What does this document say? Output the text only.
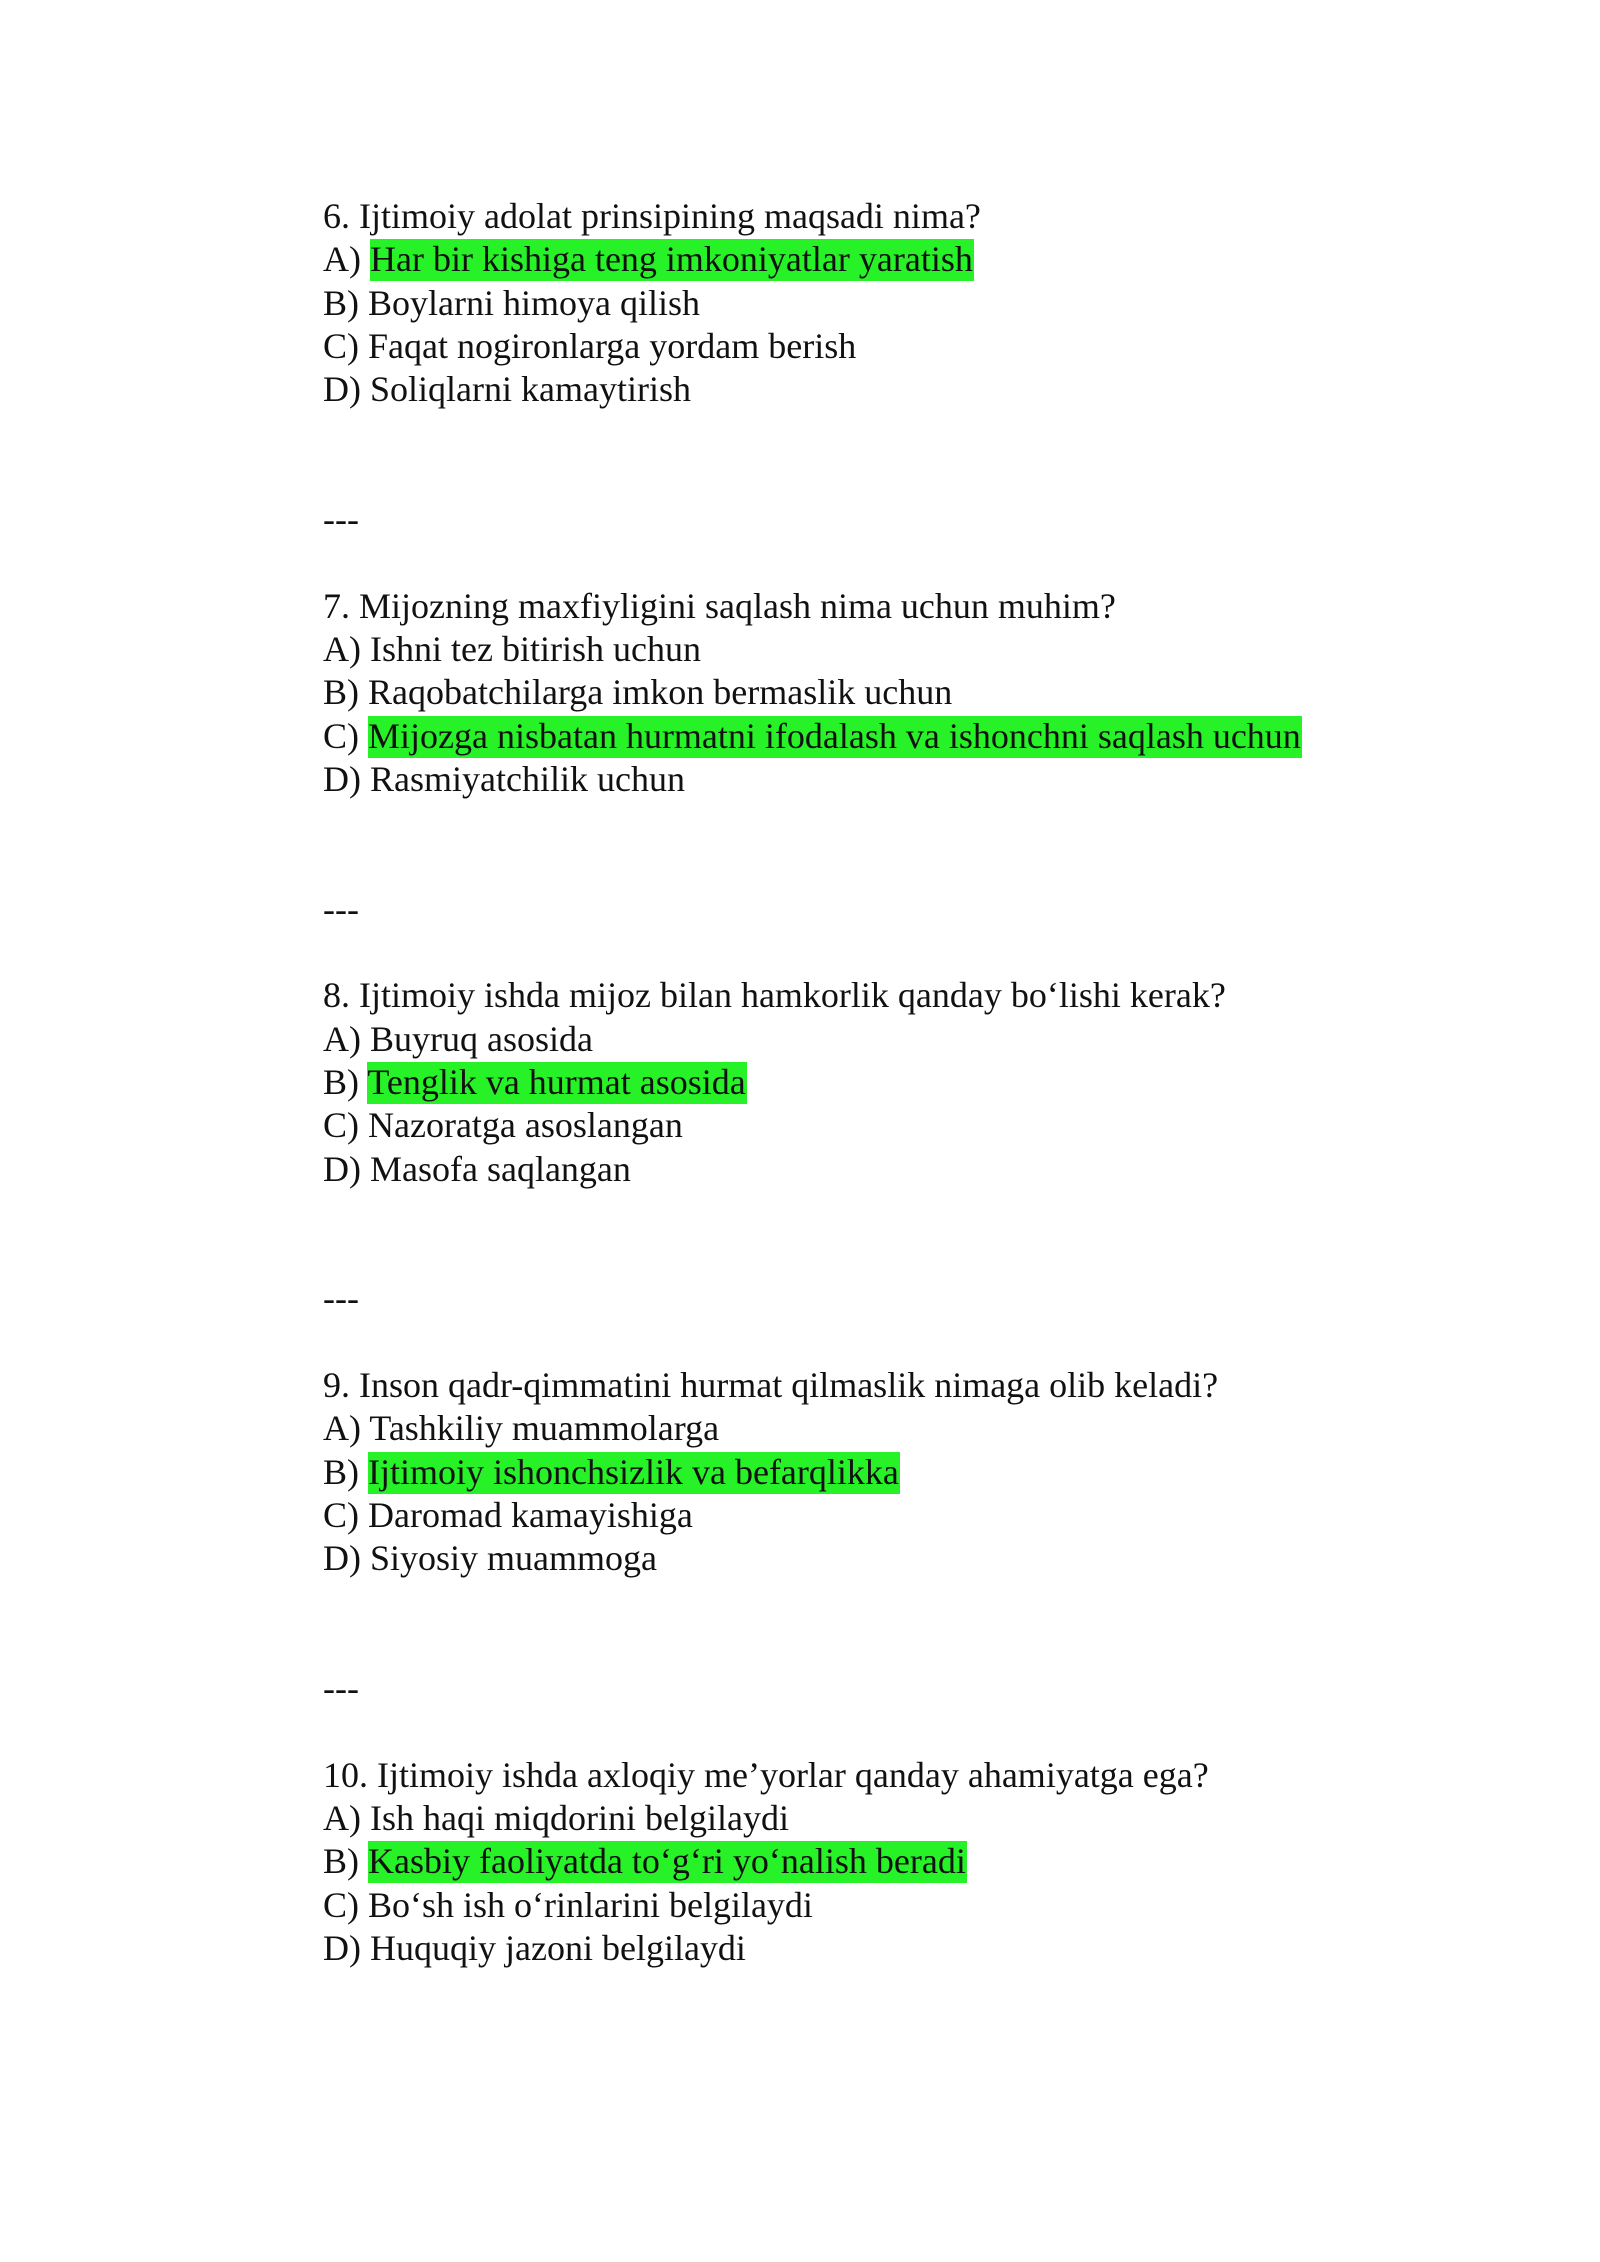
6. Ijtimoiy adolat prinsipining maqsadi nima?
A) Har bir kishiga teng imkoniyatlar yaratish
B) Boylarni himoya qilish
C) Faqat nogironlarga yordam berish
D) Soliqlarni kamaytirish
---
7. Mijozning maxfiyligini saqlash nima uchun muhim?
A) Ishni tez bitirish uchun
B) Raqobatchilarga imkon bermaslik uchun
C) Mijozga nisbatan hurmatni ifodalash va ishonchni saqlash uchun
D) Rasmiyatchilik uchun
---
8. Ijtimoiy ishda mijoz bilan hamkorlik qanday bo‘lishi kerak?
A) Buyruq asosida
B) Tenglik va hurmat asosida
C) Nazoratga asoslangan
D) Masofa saqlangan
---
9. Inson qadr-qimmatini hurmat qilmaslik nimaga olib keladi?
A) Tashkiliy muammolarga
B) Ijtimoiy ishonchsizlik va befarqlikka
C) Daromad kamayishiga
D) Siyosiy muammoga
---
10. Ijtimoiy ishda axloqiy me’yorlar qanday ahamiyatga ega?
A) Ish haqi miqdorini belgilaydi
B) Kasbiy faoliyatda to‘g‘ri yo‘nalish beradi
C) Bo‘sh ish o‘rinlarini belgilaydi
D) Huquqiy jazoni belgilaydi
